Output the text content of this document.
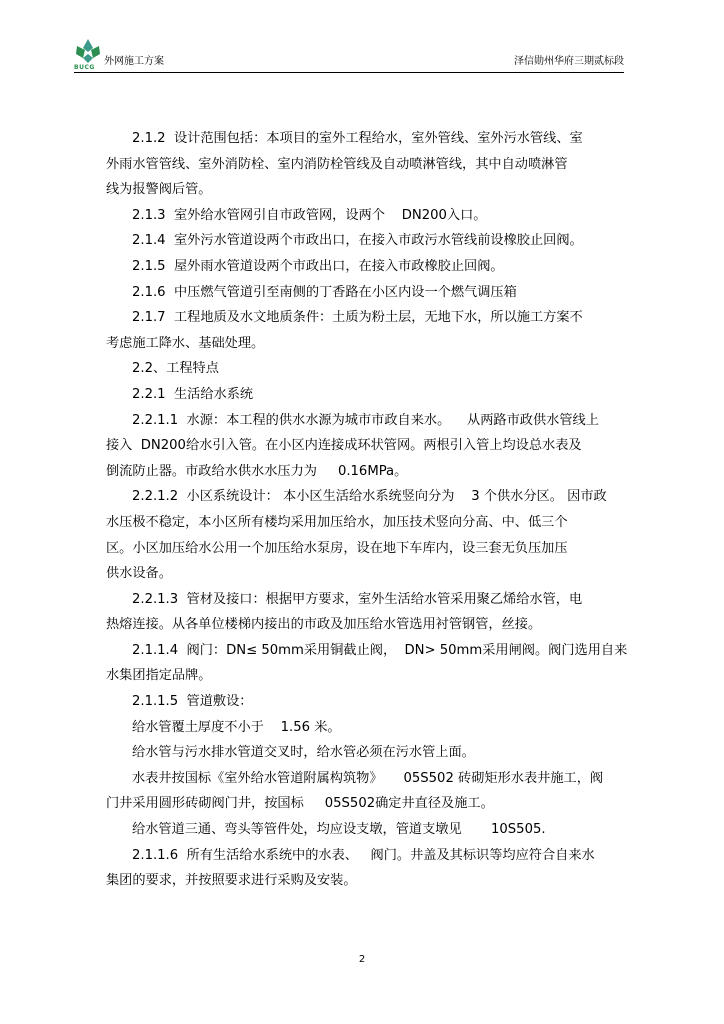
BUCG
外网施工方案	泽信勋州华府三期贰标段
2.1.2  设计范围包括：本项目的室外工程给水，室外管线、室外污水管线、室
外雨水管管线、室外消防栓、室内消防栓管线及自动喷淋管线，其中自动喷淋管
线为报警阀后管。
2.1.3  室外给水管网引自市政管网，设两个    DN200入口。
2.1.4  室外污水管道设两个市政出口，在接入市政污水管线前设橡胶止回阀。
2.1.5  屋外雨水管道设两个市政出口，在接入市政橡胶止回阀。
2.1.6  中压燃气管道引至南侧的丁香路在小区内设一个燃气调压箱
2.1.7  工程地质及水文地质条件：土质为粉土层，无地下水，所以施工方案不
考虑施工降水、基础处理。
2.2、工程特点
2.2.1  生活给水系统
2.2.1.1  水源：本工程的供水水源为城市市政自来水。    从两路市政供水管线上
接入  DN200给水引入管。在小区内连接成环状管网。两根引入管上均设总水表及
倒流防止器。市政给水供水水压力为     0.16MPa。
2.2.1.2  小区系统设计： 本小区生活给水系统竖向分为    3 个供水分区。 因市政
水压极不稳定，本小区所有楼均采用加压给水，加压技术竖向分高、中、低三个
区。小区加压给水公用一个加压给水泵房，设在地下车库内，设三套无负压加压
供水设备。
2.2.1.3  管材及接口：根据甲方要求，室外生活给水管采用聚乙烯给水管，电
热熔连接。从各单位楼梯内接出的市政及加压给水管选用衬管钢管，丝接。
2.1.1.4  阀门：DN≤ 50mm采用铜截止阀，  DN> 50mm采用闸阀。阀门选用自来
水集团指定品牌。
2.1.1.5  管道敷设：
给水管覆土厚度不小于    1.56 米。
给水管与污水排水管道交叉时，给水管必须在污水管上面。
水表井按国标《室外给水管道附属构筑物》     05S502 砖砌矩形水表井施工，阀
门井采用圆形砖砌阀门井，按国标     05S502确定井直径及施工。
给水管道三通、弯头等管件处，均应设支墩，管道支墩见       10S505.
2.1.1.6  所有生活给水系统中的水表、   阀门。井盖及其标识等均应符合自来水
集团的要求，并按照要求进行采购及安装。
2
